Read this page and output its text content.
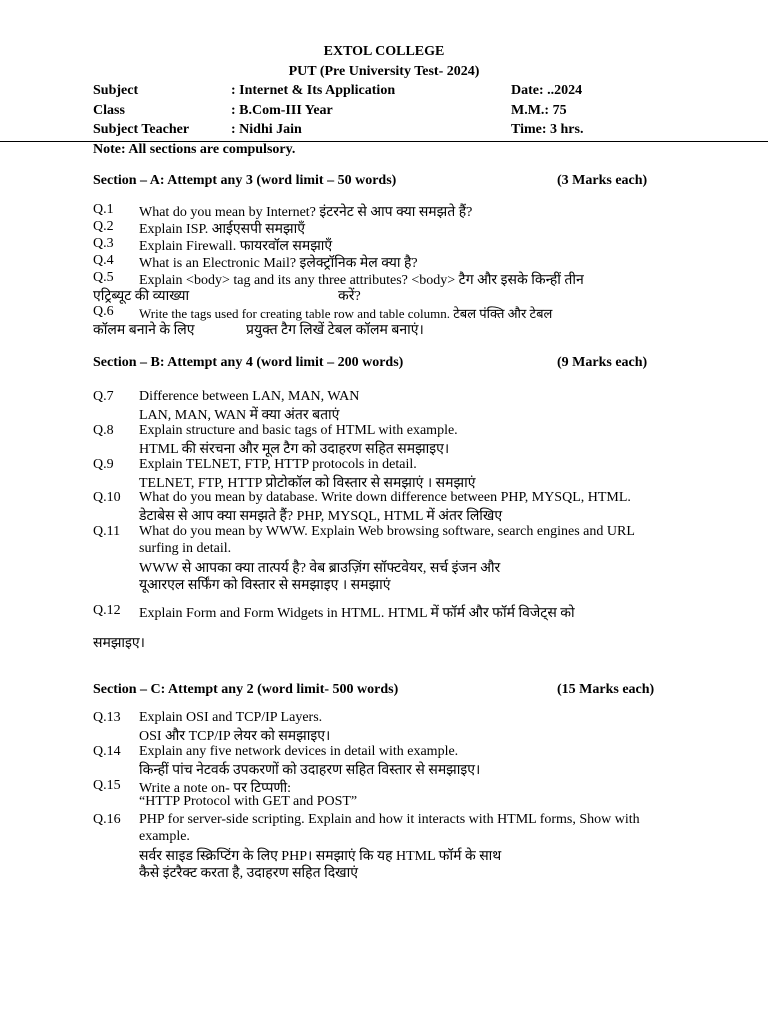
EXTOL COLLEGE
PUT (Pre University Test- 2024)
Subject	: Internet & Its Application	Date: ..2024
Class	: B.Com-III Year	M.M.: 75
Subject Teacher	: Nidhi Jain	Time: 3 hrs.
Note: All sections are compulsory.
Section – A: Attempt any 3 (word limit – 50 words)	(3 Marks each)
Q.1 What do you mean by Internet? इंटरनेट से आप क्या समझते हैं?
Q.2 Explain ISP. आईएसपी समझाएँ
Q.3 Explain Firewall. फायरवॉल समझाएँ
Q.4 What is an Electronic Mail? इलेक्ट्रॉनिक मेल क्या है?
Q.5 Explain <body> tag and its any three attributes? <body> टैग और इसके किन्हीं तीन
एट्रिब्यूट की व्याख्या	करें?
Q.6 Write the tags used for creating table row and table column. टेबल पंक्ति और टेबल
कॉलम बनाने के लिए	प्रयुक्त टैग लिखें टेबल कॉलम बनाएं।
Section – B: Attempt any 4 (word limit – 200 words)	(9 Marks each)
Q.7 Difference between LAN, MAN, WAN
LAN, MAN, WAN में क्या अंतर बताएं
Q.8 Explain structure and basic tags of HTML with example.
HTML की संरचना और मूल टैग को उदाहरण सहित समझाइए।
Q.9 Explain TELNET, FTP, HTTP protocols in detail.
TELNET, FTP, HTTP प्रोटोकॉल को विस्तार से समझाएं । समझाएं
Q.10 What do you mean by database. Write down difference between PHP, MYSQL, HTML.
डेटाबेस से आप क्या समझते हैं? PHP, MYSQL, HTML में अंतर लिखिए
Q.11 What do you mean by WWW. Explain Web browsing software, search engines and URL
surfing in detail.
WWW से आपका क्या तात्पर्य है? वेब ब्राउज़िंग सॉफ्टवेयर, सर्च इंजन और
यूआरएल सर्फिंग को विस्तार से समझाइए । समझाएं
Q.12 Explain Form and Form Widgets in HTML. HTML में फॉर्म और फॉर्म विजेट्स को
समझाइए।
Section – C: Attempt any 2 (word limit- 500 words)	(15 Marks each)
Q.13 Explain OSI and TCP/IP Layers.
OSI और TCP/IP लेयर को समझाइए।
Q.14 Explain any five network devices in detail with example.
किन्हीं पांच नेटवर्क उपकरणों को उदाहरण सहित विस्तार से समझाइए।
Q.15 Write a note on- पर टिप्पणी:
“HTTP Protocol with GET and POST”
Q.16 PHP for server-side scripting. Explain and how it interacts with HTML forms, Show with
example.
सर्वर साइड स्क्रिप्टिंग के लिए PHP। समझाएं कि यह HTML फॉर्म के साथ
कैसे इंटरैक्ट करता है, उदाहरण सहित दिखाएं
